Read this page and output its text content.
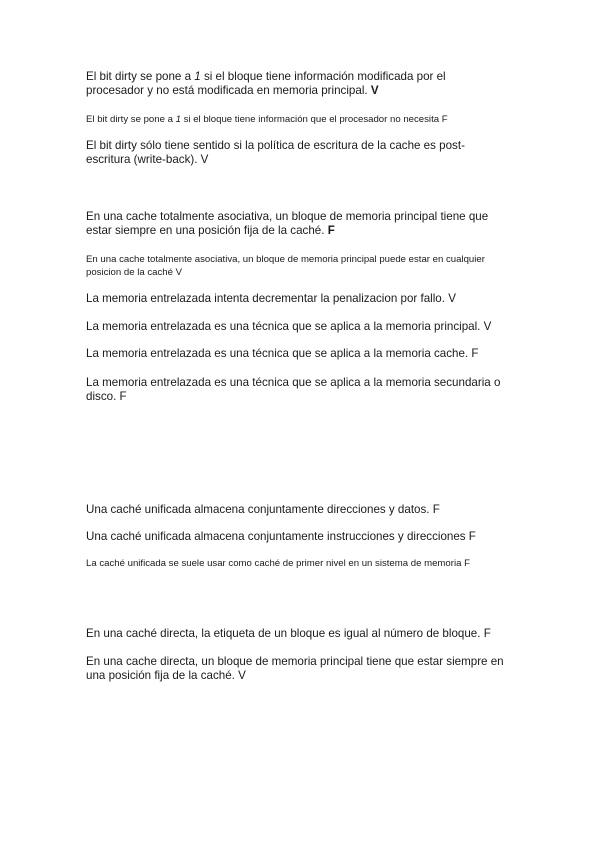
El bit dirty se pone a 1 si el bloque tiene información modificada por el procesador y no está modificada en memoria principal. V
El bit dirty se pone a 1 si el bloque tiene información que el procesador no necesita F
El bit dirty sólo tiene sentido si la política de escritura de la cache es post-escritura (write-back). V
En una cache totalmente asociativa, un bloque de memoria principal tiene que estar siempre en una posición fija de la caché. F
En una cache totalmente asociativa, un bloque de memoria principal puede estar en cualquier posicion de la caché V
La memoria entrelazada intenta decrementar la penalizacion por fallo. V
La memoria entrelazada es una técnica que se aplica a la memoria principal. V
La memoria entrelazada es una técnica que se aplica a la memoria cache. F
La memoria entrelazada es una técnica que se aplica a la memoria secundaria o disco. F
Una caché unificada almacena conjuntamente direcciones y datos. F
Una caché unificada almacena conjuntamente instrucciones y direcciones F
La caché unificada se suele usar como caché de primer nivel en un sistema de memoria F
En una caché directa, la etiqueta de un bloque es igual al número de bloque. F
En una cache directa, un bloque de memoria principal tiene que estar siempre en una posición fija de la caché. V
